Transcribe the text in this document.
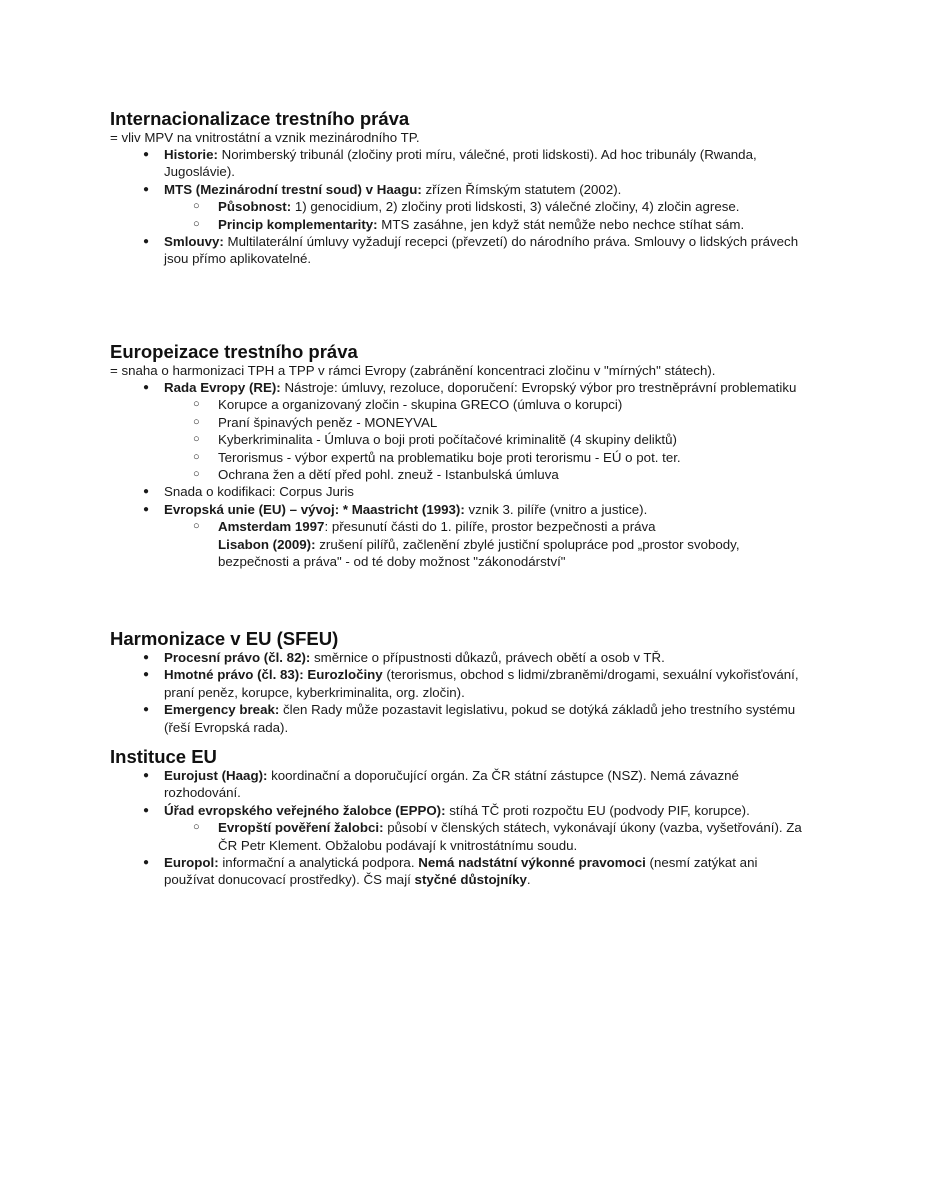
Internacionalizace trestního práva

= vliv MPV na vnitrostátní a vznik mezinárodního TP.

● Historie: Norimberský tribunál (zločiny proti míru, válečné, proti lidskosti). Ad hoc tribunály (Rwanda, Jugoslávie).
● MTS (Mezinárodní trestní soud) v Haagu: zřízen Římským statutem (2002).
○ Působnost: 1) genocidium, 2) zločiny proti lidskosti, 3) válečné zločiny, 4) zločin agrese.
○ Princip komplementarity: MTS zasáhne, jen když stát nemůže nebo nechce stíhat sám.
● Smlouvy: Multilaterální úmluvy vyžadují recepci (převzetí) do národního práva. Smlouvy o lidských právech jsou přímo aplikovatelné.
Europeizace trestního práva

= snaha o harmonizaci TPH a TPP v rámci Evropy (zabránění koncentraci zločinu v "mírných" státech).

● Rada Evropy (RE): Nástroje: úmluvy, rezoluce, doporučení: Evropský výbor pro trestněprávní problematiku
○ Korupce a organizovaný zločin - skupina GRECO (úmluva o korupci)
○ Praní špinavých peněz - MONEYVAL
○ Kyberkriminalita - Úmluva o boji proti počítačové kriminalitě (4 skupiny deliktů)
○ Terorismus - výbor expertů na problematiku boje proti terorismu - EÚ o pot. ter.
○ Ochrana žen a dětí před pohl. zneuž - Istanbulská úmluva
● Snada o kodifikaci: Corpus Juris
● Evropská unie (EU) – vývoj: * Maastricht (1993): vznik 3. pilíře (vnitro a justice).
○ Amsterdam 1997: přesunutí části do 1. pilíře, prostor bezpečnosti a práva
Lisabon (2009): zrušení pilířů, začlenění zbylé justiční spolupráce pod „prostor svobody, bezpečnosti a práva" - od té doby možnost "zákonodárství"
Harmonizace v EU (SFEU)
● Procesní právo (čl. 82): směrnice o přípustnosti důkazů, právech obětí a osob v TŘ.
● Hmotné právo (čl. 83): Eurozločiny (terorismus, obchod s lidmi/zbraněmi/drogami, sexuální vykořisťování, praní peněz, korupce, kyberkriminalita, org. zločin).
● Emergency break: člen Rady může pozastavit legislativu, pokud se dotýká základů jeho trestního systému (řeší Evropská rada).
Instituce EU
● Eurojust (Haag): koordinační a doporučující orgán. Za ČR státní zástupce (NSZ). Nemá závazné rozhodování.
● Úřad evropského veřejného žalobce (EPPO): stíhá TČ proti rozpočtu EU (podvody PIF, korupce).
○ Evropští pověření žalobci: působí v členských státech, vykonávají úkony (vazba, vyšetřování). Za ČR Petr Klement. Obžalobu podávají k vnitrostátnímu soudu.
● Europol: informační a analytická podpora. Nemá nadstátní výkonné pravomoci (nesmí zatýkat ani používat donucovací prostředky). ČS mají styčné důstojníky.
